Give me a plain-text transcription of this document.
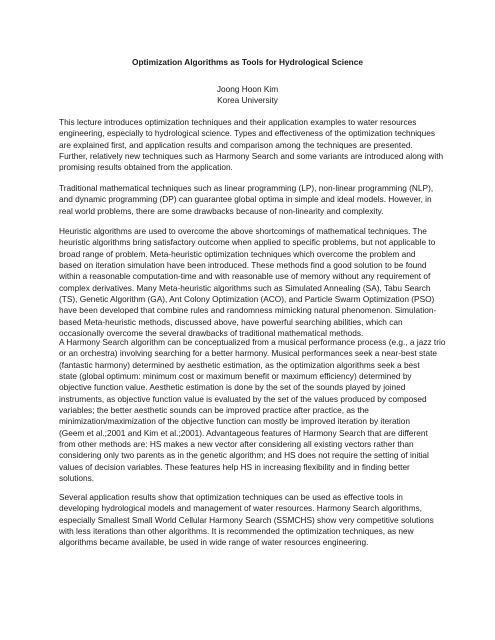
Optimization Algorithms as Tools for Hydrological Science
Joong Hoon Kim
Korea University
This lecture introduces optimization techniques and their application examples to water resources
engineering, especially to hydrological science. Types and effectiveness of the optimization techniques
are explained first, and application results and comparison among the techniques are presented.
Further, relatively new techniques such as Harmony Search and some variants are introduced along with
promising results obtained from the application.
Traditional mathematical techniques such as linear programming (LP), non-linear programming (NLP),
and dynamic programming (DP) can guarantee global optima in simple and ideal models. However, in
real world problems, there are some drawbacks because of non-linearity and complexity.
Heuristic algorithms are used to overcome the above shortcomings of mathematical techniques. The
heuristic algorithms bring satisfactory outcome when applied to specific problems, but not applicable to
broad range of problem. Meta-heuristic optimization techniques which overcome the problem and
based on iteration simulation have been introduced. These methods find a good solution to be found
within a reasonable computation-time and with reasonable use of memory without any requirement of
complex derivatives. Many Meta-heuristic algorithms such as Simulated Annealing (SA), Tabu Search
(TS), Genetic Algorithm (GA), Ant Colony Optimization (ACO), and Particle Swarm Optimization (PSO)
have been developed that combine rules and randomness mimicking natural phenomenon. Simulation-
based Meta-heuristic methods, discussed above, have powerful searching abilities, which can
occasionally overcome the several drawbacks of traditional mathematical methods.
A Harmony Search algorithm can be conceptualized from a musical performance process (e.g., a jazz trio
or an orchestra) involving searching for a better harmony. Musical performances seek a near-best state
(fantastic harmony) determined by aesthetic estimation, as the optimization algorithms seek a best
state (global optimum: minimum cost or maximum benefit or maximum efficiency) determined by
objective function value. Aesthetic estimation is done by the set of the sounds played by joined
instruments, as objective function value is evaluated by the set of the values produced by composed
variables; the better aesthetic sounds can be improved practice after practice, as the
minimization/maximization of the objective function can mostly be improved iteration by iteration
(Geem et al.;2001 and Kim et al.;2001). Advantageous features of Harmony Search that are different
from other methods are: HS makes a new vector after considering all existing vectors rather than
considering only two parents as in the genetic algorithm; and HS does not require the setting of initial
values of decision variables. These features help HS in increasing flexibility and in finding better
solutions.
Several application results show that optimization techniques can be used as effective tools in
developing hydrological models and management of water resources. Harmony Search algorithms,
especially Smallest Small World Cellular Harmony Search (SSMCHS) show very competitive solutions
with less iterations than other algorithms. It is recommended the optimization techniques, as new
algorithms became available, be used in wide range of water resources engineering.
